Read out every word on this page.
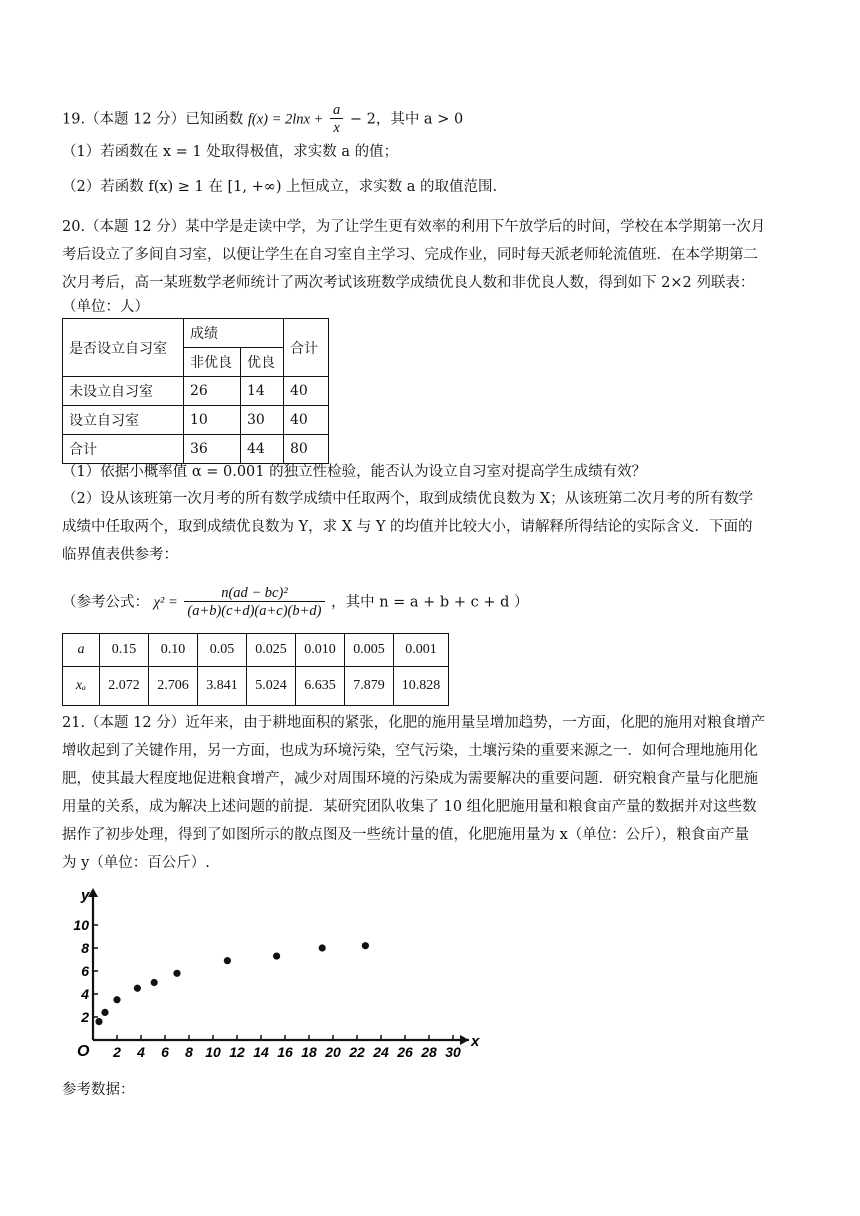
19.（本题 12 分）已知函数 $f(x) = 2\ln x + \frac{a}{x} - 2$，其中 a > 0
（1）若函数在 x = 1 处取得极值，求实数 a 的值；
（2）若函数 f(x) ≥ 1 在 [1, +∞) 上恒成立，求实数 a 的取值范围.
20.（本题 12 分）某中学是走读中学，为了让学生更有效率的利用下午放学后的时间，学校在本学期第一次月
考后设立了多间自习室，以便让学生在自习室自主学习、完成作业，同时每天派老师轮流值班．在本学期第二
次月考后，高一某班数学老师统计了两次考试该班数学成绩优良人数和非优良人数，得到如下 2×2 列联表：
（单位：人）
是否设立自习室	成绩		合计
	非优良	优良	
未设立自习室	26	14	40
设立自习室	10	30	40
合计	36	44	80
（1）依据小概率值 α = 0.001 的独立性检验，能否认为设立自习室对提高学生成绩有效？
（2）设从该班第一次月考的所有数学成绩中任取两个，取到成绩优良数为 X；从该班第二次月考的所有数学
成绩中任取两个，取到成绩优良数为 Y，求 X 与 Y 的均值并比较大小，请解释所得结论的实际含义．下面的
临界值表供参考：
（参考公式： $\chi^2 = \frac{\text{n(ad − bc)²}}{(a+b)(c+d)(a+c)(b+d)}$ ，其中 n = a + b + c + d ）
a	0.15	0.10	0.05	0.025	0.010	0.005	0.001
xₐ	2.072	2.706	3.841	5.024	6.635	7.879	10.828
21.（本题 12 分）近年来，由于耕地面积的紧张，化肥的施用量呈增加趋势，一方面，化肥的施用对粮食增产
增收起到了关键作用，另一方面，也成为环境污染，空气污染，土壤污染的重要来源之一．如何合理地施用化
肥，使其最大程度地促进粮食增产，减少对周围环境的污染成为需要解决的重要问题．研究粮食产量与化肥施
用量的关系，成为解决上述问题的前提．某研究团队收集了 10 组化肥施用量和粮食亩产量的数据并对这些数
据作了初步处理，得到了如图所示的散点图及一些统计量的值，化肥施用量为 x（单位：公斤），粮食亩产量
为 y（单位：百公斤）.
x
y
O 2 4 6 8 10 12 14 16 18 20 22 24 26 28 30
2
4
6
8
10
参考数据：
